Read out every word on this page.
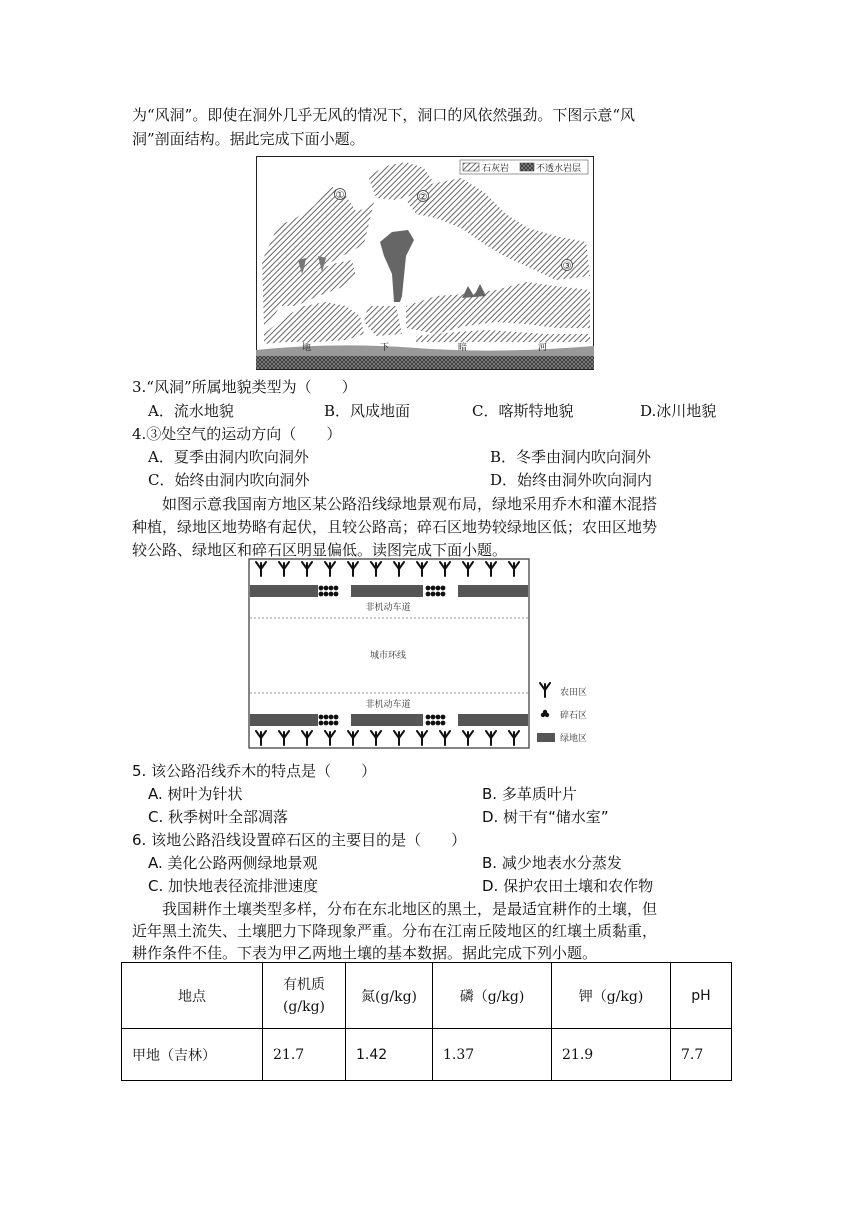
为“风洞”。即使在洞外几乎无风的情况下，洞口的风依然强劲。下图示意“风
洞”剖面结构。据此完成下面小题。
石灰岩	不透水岩层
①	②
③
地	下	暗	河
3.“风洞”所属地貌类型为（　　）
A．流水地貌	B．风成地面	C．喀斯特地貌	D.冰川地貌
4.③处空气的运动方向（　　）
A．夏季由洞内吹向洞外	B．冬季由洞内吹向洞外
C．始终由洞内吹向洞外	D．始终由洞外吹向洞内
如图示意我国南方地区某公路沿线绿地景观布局，绿地采用乔木和灌木混搭
种植，绿地区地势略有起伏，且较公路高；碎石区地势较绿地区低；农田区地势
较公路、绿地区和碎石区明显偏低。读图完成下面小题。
非机动车道
城市环线
非机动车道
农田区
碎石区
绿地区
5. 该公路沿线乔木的特点是（　　）
A. 树叶为针状	B. 多革质叶片
C. 秋季树叶全部凋落	D. 树干有“储水室”
6. 该地公路沿线设置碎石区的主要目的是（　　）
A. 美化公路两侧绿地景观	B. 减少地表水分蒸发
C. 加快地表径流排泄速度	D. 保护农田土壤和农作物
我国耕作土壤类型多样，分布在东北地区的黑土，是最适宜耕作的土壤，但
近年黑土流失、土壤肥力下降现象严重。分布在江南丘陵地区的红壤土质黏重，
耕作条件不佳。下表为甲乙两地土壤的基本数据。据此完成下列小题。
地点	有机质
(g/kg)	氮(g/kg)	磷（g/kg)	钾（g/kg)	pH
甲地（吉林）	21.7	1.42	1.37	21.9	7.7
